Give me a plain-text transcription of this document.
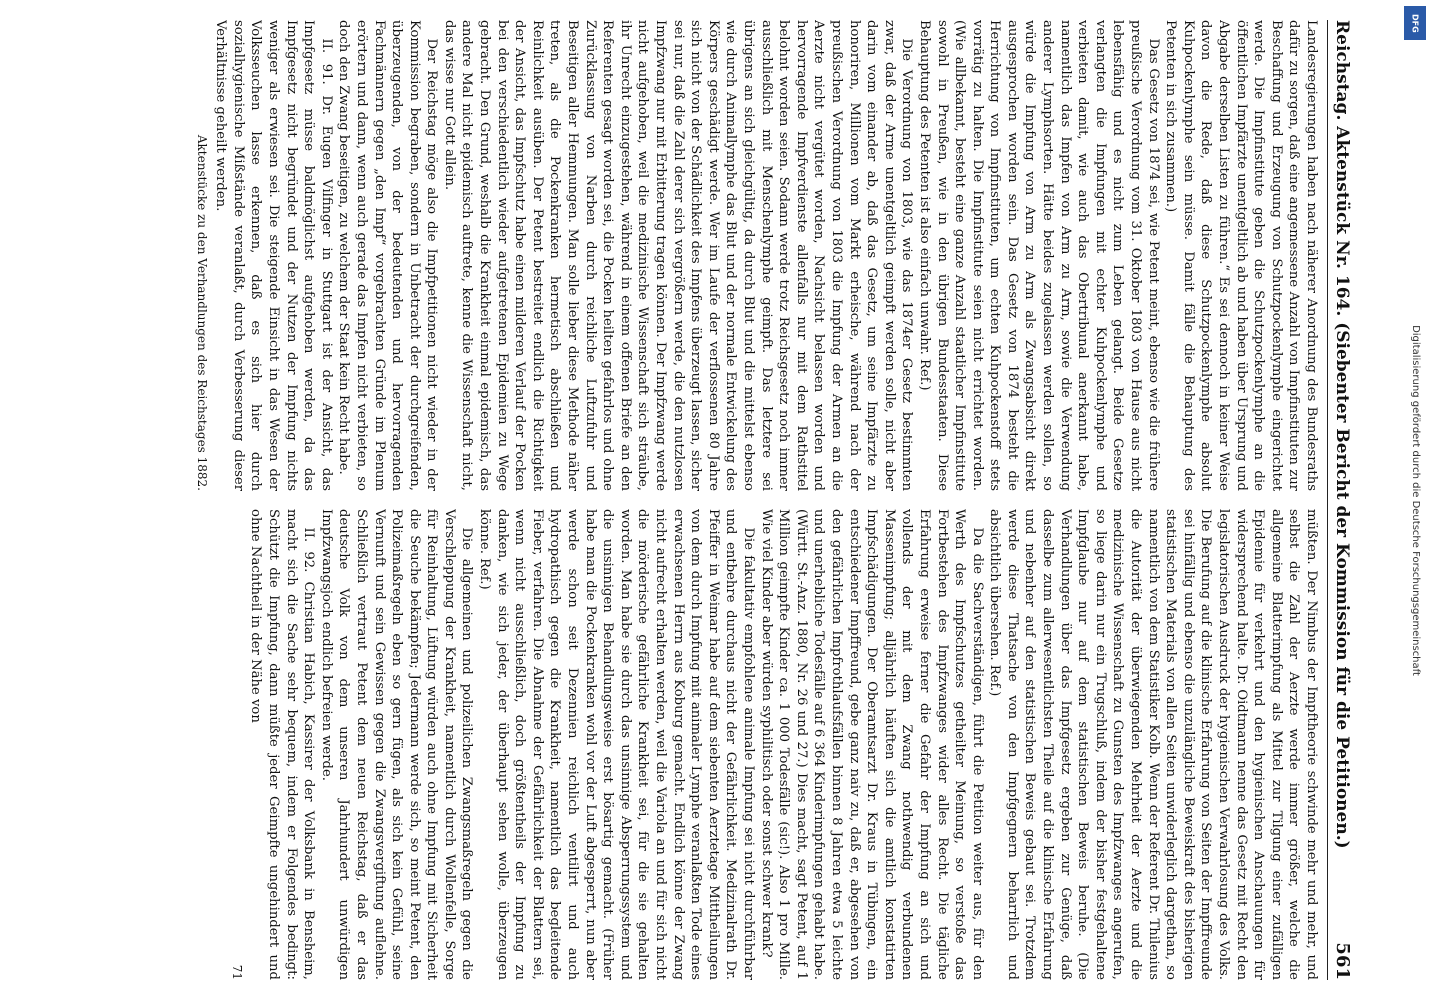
Reichstag. Aktenstück Nr. 164. (Siebenter Bericht der Kommission für die Petitionen.)
561

Landesregierungen haben nach näherer Anordnung des Bundesraths dafür zu sorgen, daß eine angemessene Anzahl von Impfinstituten zur Beschaffung und Erzeugung von Schutzpockenlymphe eingerichtet werde. Die Impfinstitute geben die Schutzpockenlymphe an die öffentlichen Impfärzte unentgeltlich ab und haben über Ursprung und Abgabe derselben Listen zu führen.“ Es sei dennoch in keiner Weise davon die Rede, daß diese Schutzpockenlymphe absolut Kuhpockenlymphe sein müsse. Damit fälle die Behauptung des Petenten in sich zusammen.)

Das Gesetz von 1874 sei, wie Petent meint, ebenso wie die frühere preußische Verordnung vom 31. Oktober 1803 von Hause aus nicht lebensfähig und es nicht zum Leben gelangt. Beide Gesetze verlangten die Impfungen mit echter Kuhpockenlymphe und verbieten damit, wie auch das Obertribunal anerkannt habe, namentlich das Impfen von Arm zu Arm, sowie die Verwendung anderer Lymphsorten. Hätte beides zugelassen werden sollen, so würde die Impfung von Arm zu Arm als Zwangsabsicht direkt ausgesprochen worden sein. Das Gesetz von 1874 besteht die Herrichtung von Impfinstituten, um echten Kuhpockenstoff stets vorrätig zu halten. Die Impfinstitute seien nicht errichtet worden. (Wie allbekannt, besteht eine ganze Anzahl staatlicher Impfinstitute sowohl in Preußen, wie in den übrigen Bundesstaaten. Diese Behauptung des Petenten ist also einfach unwahr. Ref.)

Die Verordnung von 1803, wie das 1874er Gesetz bestimmten zwar, daß der Arme unentgeltlich geimpft werden solle, nicht aber darin vom einander ab, daß das Gesetz, um seine Impfärzte zu honoriren, Millionen vom Markt erheische, während nach der preußischen Verordnung von 1803 die Impfung der Armen an die Aerzte nicht vergütet worden, Nachsicht belassen worden und hervorragende Impfverdienste allenfalls nur mit dem Rathstitel belohnt worden seien. Sodann werde trotz Reichsgesetz noch immer ausschließlich mit Menschenlymphe geimpft. Das letztere sei übrigens an sich gleichgültig, da durch Blut und die mittelst ebenso wie durch Animallymphe das Blut und der normale Entwickelung des Körpers geschädigt werde. Wer im Laufe der verflossenen 80 Jahre sich nicht von der Schädlichkeit des Impfens überzeugt lassen, sicher sei nur, daß die Zahl derer sich vergrößern werde, die den nutzlosen Impfzwang nur mit Erbitterung tragen können. Der Impfzwang werde nicht aufgehoben, weil die medizinische Wissenschaft sich sträube, ihr Unrecht einzugestehen, während in einem offenen Briefe an den Referenten gesagt worden sei, die Pocken heilten gefahrlos und ohne Zurücklassung von Narben durch reichliche Luftzufuhr und Beseitigen aller Hemmungen. Man solle lieber diese Methode näher treten, als die Pockenkranken hermetisch abschließen und Reinlichkeit ausüben. Der Petent bestreitet endlich die Richtigkeit der Ansicht, das Impfschutz habe einen milderen Verlauf der Pocken bei den verschiedentlich wieder aufgetretenen Epidemien zu Wege gebracht. Den Grund, weshalb die Krankheit einmal epidemisch, das andere Mal nicht epidemisch auftrete, kenne die Wissenschaft nicht, das wisse nur Gott allein.

Der Reichstag möge also die Impfpetitionen nicht wieder in der Kommission begraben, sondern in Unbetracht der durchgreifenden, überzeugenden, von der bedeutenden und hervorragenden Fachmännern gegen „den Impf“ vorgebrachten Gründe im Plenum erörtern und dann, wenn auch gerade das Impfen nicht verbieten, so doch den Zwang beseitigen, zu welchem der Staat kein Recht habe.

II. 91. Dr. Eugen Vilfinger in Stuttgart ist der Ansicht, das Impfgesetz müsse baldmöglichst aufgehoben werden, da das Impfgesetz nicht begründet und der Nutzen der Impfung nichts weniger als erwiesen sei. Die steigende Einsicht in das Wesen der Volksseuchen lasse erkennen, daß es sich hier durch sozialhygienische Mißstände veranlaßt, durch Verbesserung dieser Verhältnisse geheilt werden.

Aktenstücke zu den Verhandlungen des Reichstages 1882.

müßten. Der Nimbus der Impftheorie schwinde mehr und mehr, und selbst die Zahl der Aerzte werde immer größer, welche die allgemeine Blatterimpfung als Mittel zur Tilgung einer zufälligen Epidemie für verkehrt und den hygienischen Anschauungen für widersprechend halte. Dr. Oidtmann nenne das Gesetz mit Recht den legislatorischen Ausdruck der hygienischen Verwahrlosung des Volks. Die Berufung auf die klinische Erfahrung von Seiten der Impffreunde sei hinfällig und ebenso die unzulängliche Beweiskraft des bisherigen statistischen Materials von allen Seiten unwiderleglich dargethan, so namentlich von dem Statistiker Kolb. Wenn der Referent Dr. Thilenius die Autorität der überwiegenden Mehrheit der Aerzte und die medizinische Wissenschaft zu Gunsten des Impfzwanges angerufen, so liege darin nur ein Trugschluß, indem der bisher festgehaltene Impfglaube nur auf dem statistischen Beweis beruhe. (Die Verhandlungen über das Impfgesetz ergeben zur Genüge, daß dasselbe zum allerwesentlichsten Theile auf die klinische Erfahrung und nebenher auf den statistischen Beweis gebaut sei. Trotzdem werde diese Thatsache von den Impfgegnern beharrlich und absichtlich übersehen. Ref.)

Da die Sachverständigen, führt die Petition weiter aus, für den Werth des Impfschutzes getheilter Meinung, so verstoße das Fortbestehen des Impfzwanges wider alles Recht. Die tägliche Erfahrung erweise ferner die Gefahr der Impfung an sich und vollends der mit dem Zwang nothwendig verbundenen Massenimpfung; alljährlich häuften sich die amtlich konstatirten Impfschädigungen. Der Oberamtsarzt Dr. Kraus in Tübingen, ein entschiedener Impffreund, gebe ganz naiv zu, daß er, abgesehen von den gefährlichen Impfrothlaufsfällen binnen 8 Jahren etwa 5 leichte und unerhebliche Todesfälle auf 6 364 Kinderimpfungen gehabt habe. (Württ. St.-Anz. 1880, Nr. 26 und 27.) Dies macht, sagt Petent, auf 1 Million geimpfte Kinder ca. 1 000 Todesfälle (sic!). Also 1 pro Mille. Wie viel Kinder aber würden syphilitisch oder sonst schwer krank?

Die fakultativ empfohlene animale Impfung sei nicht durchführbar und entbehre durchaus nicht der Gefährlichkeit. Medizinalrath Dr. Pfeiffer in Weimar habe auf dem siebenten Aerztetage Mittheilungen von dem durch Impfung mit animaler Lymphe veranlaßten Tode eines erwachsenen Herrn aus Koburg gemacht. Endlich könne der Zwang nicht aufrecht erhalten werden, weil die Variola an und für sich nicht die mörderische gefährliche Krankheit sei, für die sie gehalten worden. Man habe sie durch das unsinnige Absperrungssystem und die unsinnigen Behandlungsweise erst bösartig gemacht. (Früher habe man die Pockenkranken wohl vor der Luft abgesperrt, nun aber werde schon seit Dezennien reichlich ventilirt und auch hydropathisch gegen die Krankheit, namentlich das begleitende Fieber, verfahren. Die Abnahme der Gefährlichkeit der Blattern sei, wenn nicht ausschließlich, doch größtentheils der Impfung zu danken, wie sich jeder, der überhaupt sehen wolle, überzeugen könne. Ref.)

Die allgemeinen und polizeilichen Zwangsmaßregeln gegen die Verschleppung der Krankheit, namentlich durch Wollenfelle, Sorge für Reinhaltung, Lüftung würden auch ohne Impfung mit Sicherheit die Seuche bekämpfen; Jedermann werde sich, so meint Petent, den Polizeimaßregeln eben so gern fügen, als sich kein Gefühl, seine Vernunft und sein Gewissen gegen die Zwangsvergiftung auflehne. Schließlich vertraut Petent dem neuen Reichstag, daß er das deutsche Volk von dem unseren Jahrhundert unwürdigen Impfzwangsjoch endlich befreien werde.

II. 92. Christian Habich, Kassirer der Volksbank in Bensheim, macht sich die Sache sehr bequem, indem er Folgendes bedingt: Schützt die Impfung, dann müßte jeder Geimpfte ungehindert und ohne Nachtheil in der Nähe von

71
DFG
Digitalisierung gefördert durch die Deutsche Forschungsgemeinschaft
